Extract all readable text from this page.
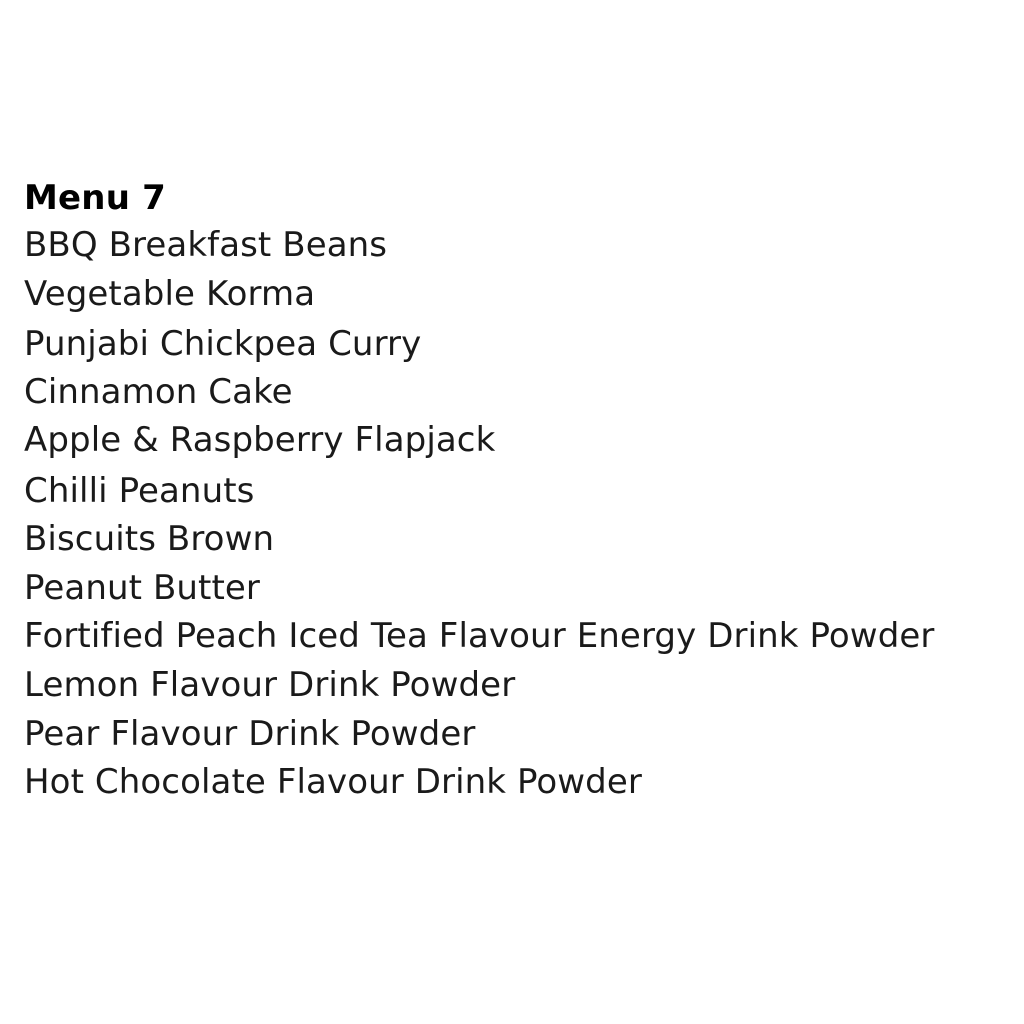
Menu 7
BBQ Breakfast Beans
Vegetable Korma
Punjabi Chickpea Curry
Cinnamon Cake
Apple & Raspberry Flapjack
Chilli Peanuts
Biscuits Brown
Peanut Butter
Fortified Peach Iced Tea Flavour Energy Drink Powder
Lemon Flavour Drink Powder
Pear Flavour Drink Powder
Hot Chocolate Flavour Drink Powder
